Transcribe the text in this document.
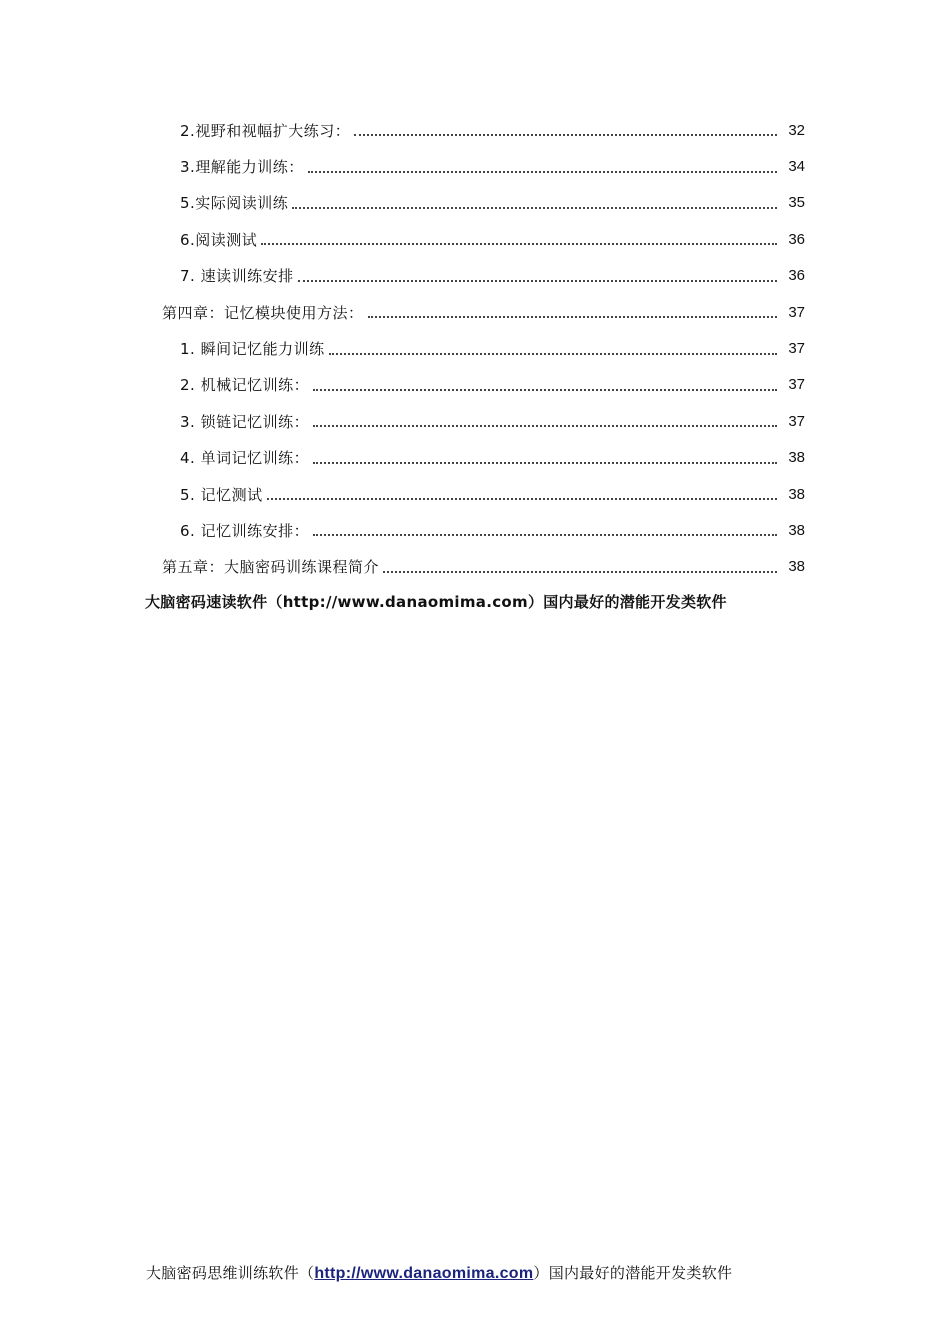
2.视野和视幅扩大练习：	32
3.理解能力训练：	34
5.实际阅读训练	35
6.阅读测试	36
7. 速读训练安排	36
第四章：记忆模块使用方法：	37
1. 瞬间记忆能力训练	37
2. 机械记忆训练：	37
3. 锁链记忆训练：	37
4. 单词记忆训练：	38
5. 记忆测试	38
6. 记忆训练安排：	38
第五章：大脑密码训练课程简介	38
大脑密码速读软件（http://www.danaomima.com）国内最好的潜能开发类软件
大脑密码思维训练软件（http://www.danaomima.com）国内最好的潜能开发类软件
